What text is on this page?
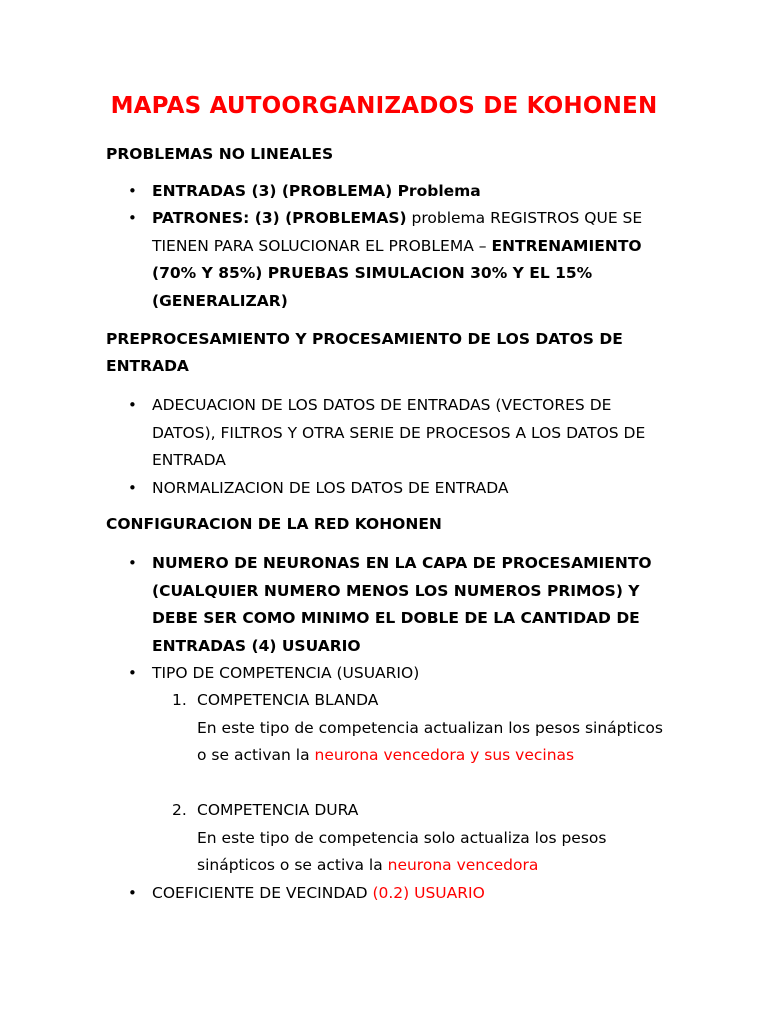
MAPAS AUTOORGANIZADOS DE KOHONEN
PROBLEMAS NO LINEALES
• ENTRADAS (3) (PROBLEMA) Problema
• PATRONES: (3) (PROBLEMAS) problema REGISTROS QUE SE TIENEN PARA SOLUCIONAR EL PROBLEMA – ENTRENAMIENTO (70% Y 85%) PRUEBAS SIMULACION 30% Y EL 15% (GENERALIZAR)
PREPROCESAMIENTO Y PROCESAMIENTO DE LOS DATOS DE ENTRADA
• ADECUACION DE LOS DATOS DE ENTRADAS (VECTORES DE DATOS), FILTROS Y OTRA SERIE DE PROCESOS A LOS DATOS DE ENTRADA
• NORMALIZACION DE LOS DATOS DE ENTRADA
CONFIGURACION DE LA RED KOHONEN
• NUMERO DE NEURONAS EN LA CAPA DE PROCESAMIENTO (CUALQUIER NUMERO MENOS LOS NUMEROS PRIMOS) Y DEBE SER COMO MINIMO EL DOBLE DE LA CANTIDAD DE ENTRADAS (4) USUARIO
• TIPO DE COMPETENCIA (USUARIO)
1. COMPETENCIA BLANDA
En este tipo de competencia actualizan los pesos sinápticos o se activan la neurona vencedora y sus vecinas
2. COMPETENCIA DURA
En este tipo de competencia solo actualiza los pesos sinápticos o se activa la neurona vencedora
• COEFICIENTE DE VECINDAD (0.2) USUARIO
